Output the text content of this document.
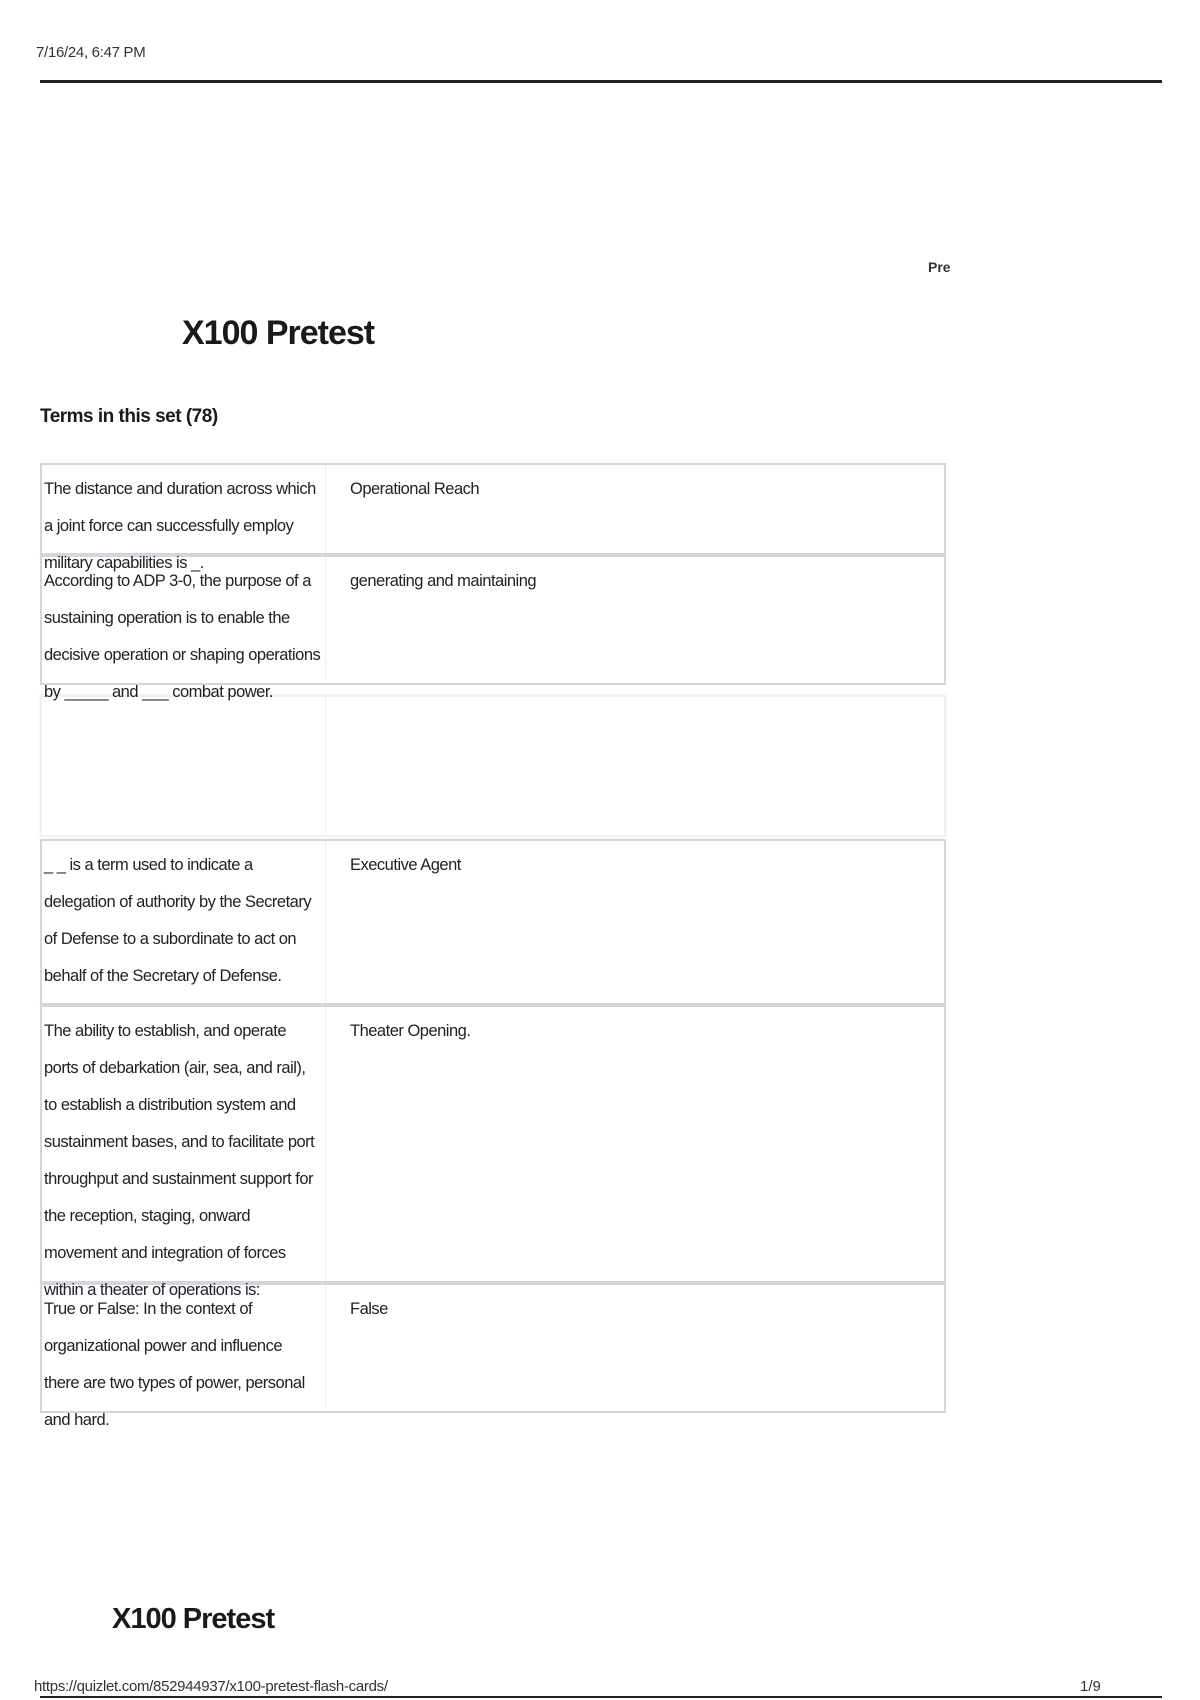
7/16/24, 6:47 PM
Pre
X100 Pretest
Terms in this set (78)
The distance and duration across which a joint force can successfully employ military capabilities is _.
Operational Reach
According to ADP 3-0, the purpose of a sustaining operation is to enable the decisive operation or shaping operations by _____ and ___ combat power.
generating and maintaining
_ _ is a term used to indicate a delegation of authority by the Secretary of Defense to a subordinate to act on behalf of the Secretary of Defense.
Executive Agent
The ability to establish, and operate ports of debarkation (air, sea, and rail), to establish a distribution system and sustainment bases, and to facilitate port throughput and sustainment support for the reception, staging, onward movement and integration of forces within a theater of operations is:
Theater Opening.
True or False: In the context of organizational power and influence there are two types of power, personal and hard.
False
X100 Pretest
https://quizlet.com/852944937/x100-pretest-flash-cards/	1/9
